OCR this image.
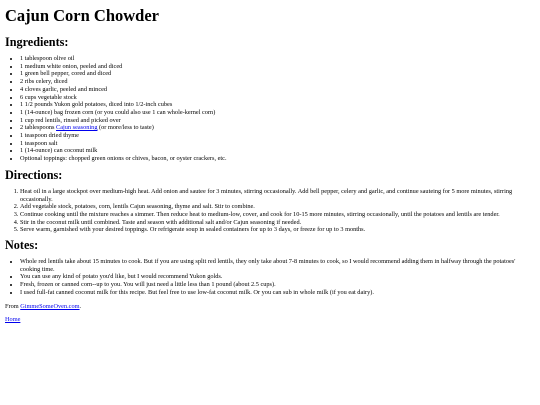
Cajun Corn Chowder
Ingredients:
• 1 tablespoon olive oil
• 1 medium white onion, peeled and diced
• 1 green bell pepper, cored and diced
• 2 ribs celery, diced
• 4 cloves garlic, peeled and minced
• 6 cups vegetable stock
• 1 1/2 pounds Yukon gold potatoes, diced into 1/2-inch cubes
• 1 (14-ounce) bag frozen corn (or you could also use 1 can whole-kernel corn)
• 1 cup red lentils, rinsed and picked over
• 2 tablespoons Cajun seasoning (or more/less to taste)
• 1 teaspoon dried thyme
• 1 teaspoon salt
• 1 (14-ounce) can coconut milk
• Optional toppings: chopped green onions or chives, bacon, or oyster crackers, etc.
Directions:
1. Heat oil in a large stockpot over medium-high heat. Add onion and sautee for 3 minutes, stirring occasionally. Add bell pepper, celery and garlic, and continue sauteing for 5 more minutes, stirring occasionally.
2. Add vegetable stock, potatoes, corn, lentils Cajun seasoning, thyme and salt. Stir to combine.
3. Continue cooking until the mixture reaches a simmer. Then reduce heat to medium-low, cover, and cook for 10-15 more minutes, stirring occasionally, until the potatoes and lentils are tender.
4. Stir in the coconut milk until combined. Taste and season with additional salt and/or Cajun seasoning if needed.
5. Serve warm, garnished with your desired toppings. Or refrigerate soup in sealed containers for up to 3 days, or freeze for up to 3 months.
Notes:
• Whole red lentils take about 15 minutes to cook. But if you are using split red lentils, they only take about 7-8 minutes to cook, so I would recommend adding them in halfway through the potatoes' cooking time.
• You can use any kind of potato you'd like, but I would recommend Yukon golds.
• Fresh, frozen or canned corn--up to you. You will just need a little less than 1 pound (about 2.5 cups).
• I used full-fat canned coconut milk for this recipe. But feel free to use low-fat coconut milk. Or you can sub in whole milk (if you eat dairy).

From GimmeSomeOven.com.

Home
